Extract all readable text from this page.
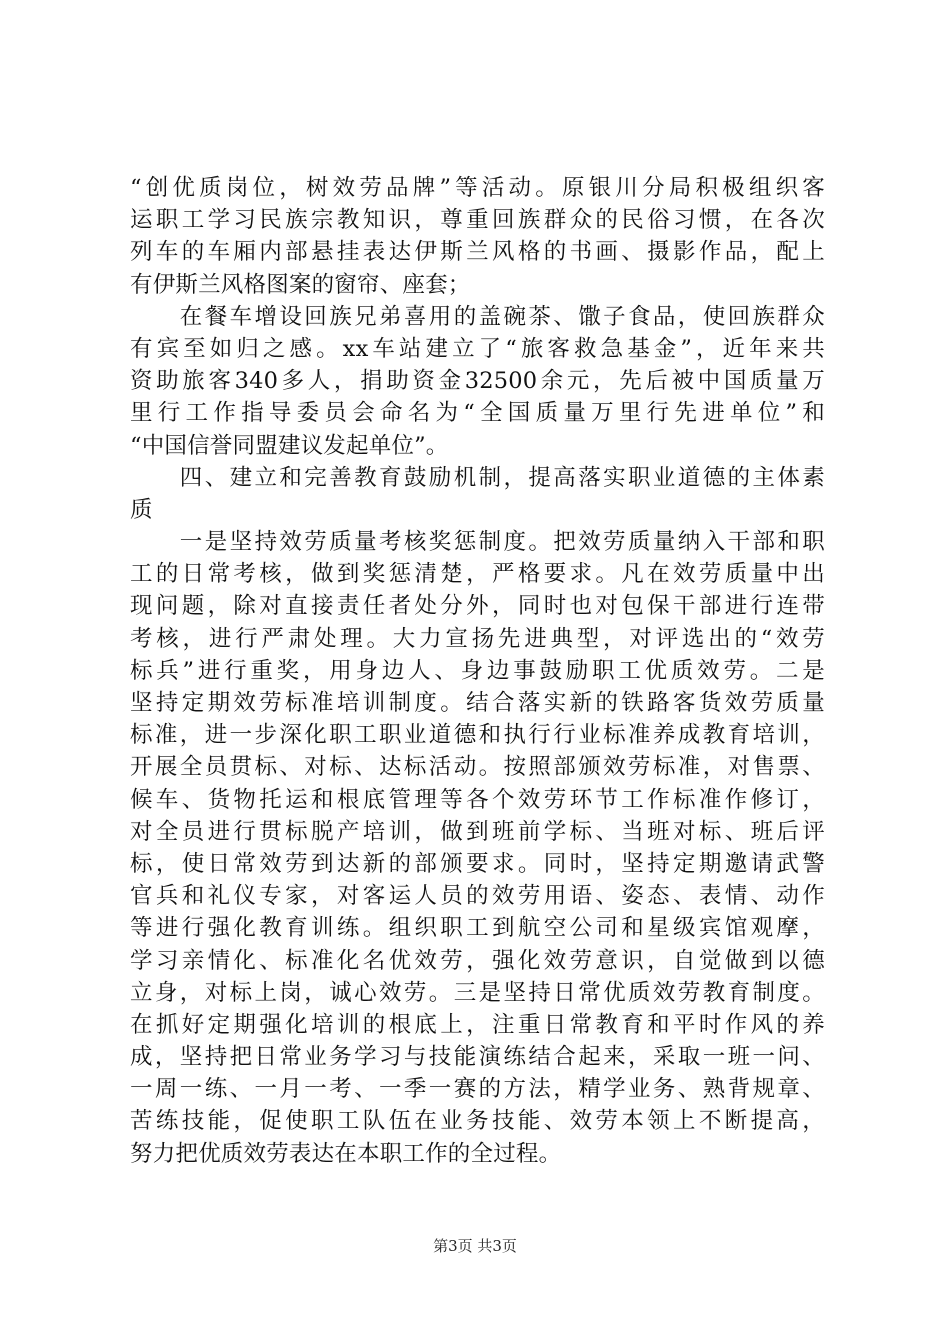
“创优质岗位，树效劳品牌”等活动。原银川分局积极组织客
运职工学习民族宗教知识，尊重回族群众的民俗习惯，在各次
列车的车厢内部悬挂表达伊斯兰风格的书画、摄影作品，配上
有伊斯兰风格图案的窗帘、座套；
　　在餐车增设回族兄弟喜用的盖碗茶、馓子食品，使回族群众
有宾至如归之感。xx车站建立了“旅客救急基金”，近年来共
资助旅客340多人，捐助资金32500余元，先后被中国质量万
里行工作指导委员会命名为“全国质量万里行先进单位”和
“中国信誉同盟建议发起单位”。
　　四、建立和完善教育鼓励机制，提高落实职业道德的主体素
质
　　一是坚持效劳质量考核奖惩制度。把效劳质量纳入干部和职
工的日常考核，做到奖惩清楚，严格要求。凡在效劳质量中出
现问题，除对直接责任者处分外，同时也对包保干部进行连带
考核，进行严肃处理。大力宣扬先进典型，对评选出的“效劳
标兵”进行重奖，用身边人、身边事鼓励职工优质效劳。二是
坚持定期效劳标准培训制度。结合落实新的铁路客货效劳质量
标准，进一步深化职工职业道德和执行行业标准养成教育培训，
开展全员贯标、对标、达标活动。按照部颁效劳标准，对售票、
候车、货物托运和根底管理等各个效劳环节工作标准作修订，
对全员进行贯标脱产培训，做到班前学标、当班对标、班后评
标，使日常效劳到达新的部颁要求。同时，坚持定期邀请武警
官兵和礼仪专家，对客运人员的效劳用语、姿态、表情、动作
等进行强化教育训练。组织职工到航空公司和星级宾馆观摩，
学习亲情化、标准化名优效劳，强化效劳意识，自觉做到以德
立身，对标上岗，诚心效劳。三是坚持日常优质效劳教育制度。
在抓好定期强化培训的根底上，注重日常教育和平时作风的养
成，坚持把日常业务学习与技能演练结合起来，采取一班一问、
一周一练、一月一考、一季一赛的方法，精学业务、熟背规章、
苦练技能，促使职工队伍在业务技能、效劳本领上不断提高，
努力把优质效劳表达在本职工作的全过程。
第3页 共3页
